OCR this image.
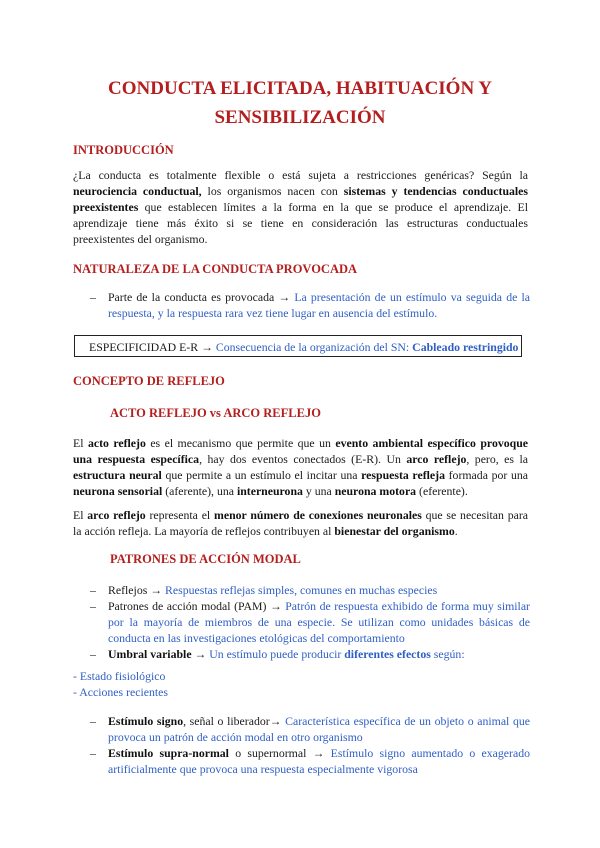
CONDUCTA ELICITADA, HABITUACIÓN Y
SENSIBILIZACIÓN
INTRODUCCIÓN
¿La conducta es totalmente flexible o está sujeta a restricciones genéricas? Según la neurociencia conductual, los organismos nacen con sistemas y tendencias conductuales preexistentes que establecen límites a la forma en la que se produce el aprendizaje. El aprendizaje tiene más éxito si se tiene en consideración las estructuras conductuales preexistentes del organismo.
NATURALEZA DE LA CONDUCTA PROVOCADA
– Parte de la conducta es provocada → La presentación de un estímulo va seguida de la respuesta, y la respuesta rara vez tiene lugar en ausencia del estímulo.
ESPECIFICIDAD E-R → Consecuencia de la organización del SN: Cableado restringido
CONCEPTO DE REFLEJO
ACTO REFLEJO vs ARCO REFLEJO
El acto reflejo es el mecanismo que permite que un evento ambiental específico provoque una respuesta específica, hay dos eventos conectados (E-R). Un arco reflejo, pero, es la estructura neural que permite a un estímulo el incitar una respuesta refleja formada por una neurona sensorial (aferente), una interneurona y una neurona motora (eferente).
El arco reflejo representa el menor número de conexiones neuronales que se necesitan para la acción refleja. La mayoría de reflejos contribuyen al bienestar del organismo.
PATRONES DE ACCIÓN MODAL
– Reflejos → Respuestas reflejas simples, comunes en muchas especies
– Patrones de acción modal (PAM) → Patrón de respuesta exhibido de forma muy similar por la mayoría de miembros de una especie. Se utilizan como unidades básicas de conducta en las investigaciones etológicas del comportamiento
– Umbral variable → Un estímulo puede producir diferentes efectos según:
- Estado fisiológico
- Acciones recientes
– Estímulo signo, señal o liberador→ Característica específica de un objeto o animal que provoca un patrón de acción modal en otro organismo
– Estímulo supra-normal o supernormal → Estímulo signo aumentado o exagerado artificialmente que provoca una respuesta especialmente vigorosa
